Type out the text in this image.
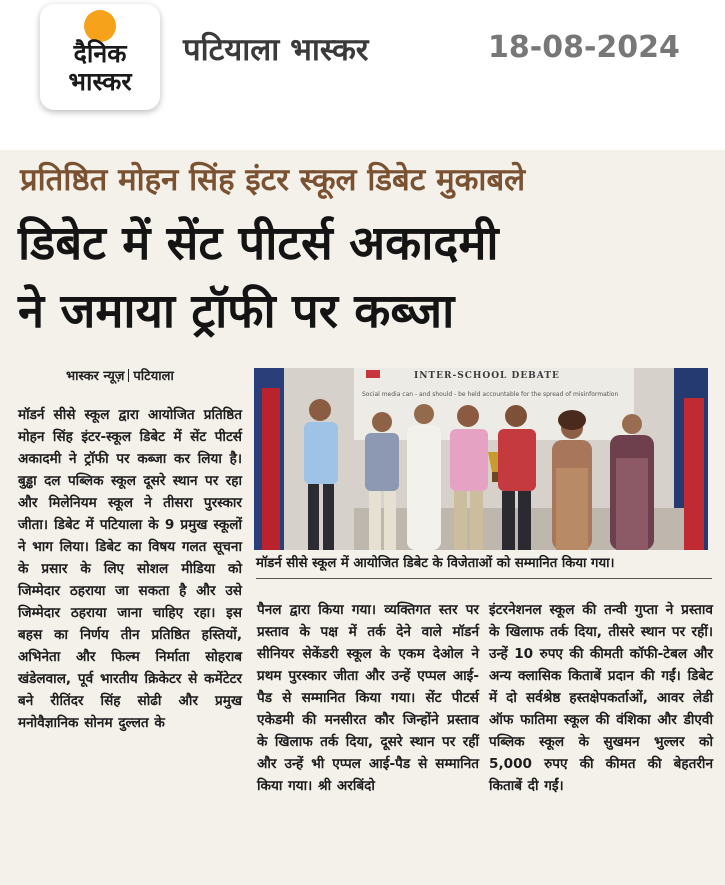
दैनिक
भास्कर
पटियाला भास्कर	18-08-2024
प्रतिष्ठित मोहन सिंह इंटर स्कूल डिबेट मुकाबले
डिबेट में सेंट पीटर्स अकादमी
ने जमाया ट्रॉफी पर कब्जा
भास्कर न्यूज़ पटियाला

मॉडर्न सीसे स्कूल द्वारा आयोजित प्रतिष्ठित मोहन सिंह इंटर-स्कूल डिबेट में सेंट पीटर्स अकादमी ने ट्रॉफी पर कब्जा कर लिया है। बुड्ढा दल पब्लिक स्कूल दूसरे स्थान पर रहा और मिलेनियम स्कूल ने तीसरा पुरस्कार जीता। डिबेट में पटियाला के 9 प्रमुख स्कूलों ने भाग लिया। डिबेट का विषय गलत सूचना के प्रसार के लिए सोशल मीडिया को जिम्मेदार ठहराया जा सकता है और उसे जिम्मेदार ठहराया जाना चाहिए रहा। इस बहस का निर्णय तीन प्रतिष्ठित हस्तियों, अभिनेता और फिल्म निर्माता सोहराब खंडेलवाल, पूर्व भारतीय क्रिकेटर से कमेंटेटर बने रीतिंदर सिंह सोढी और प्रमुख मनोवैज्ञानिक सोनम दुल्लत के

INTER-SCHOOL DEBATE
Social media can - and should - be held accountable for the spread of misinformation
मॉडर्न सीसे स्कूल में आयोजित डिबेट के विजेताओं को सम्मानित किया गया।

पैनल द्वारा किया गया। व्यक्तिगत स्तर पर प्रस्ताव के पक्ष में तर्क देने वाले मॉडर्न सीनियर सेकेंडरी स्कूल के एकम देओल ने प्रथम पुरस्कार जीता और उन्हें एप्पल आई-पैड से सम्मानित किया गया। सेंट पीटर्स एकेडमी की मनसीरत कौर जिन्होंने प्रस्ताव के खिलाफ तर्क दिया, दूसरे स्थान पर रहीं और उन्हें भी एप्पल आई-पैड से सम्मानित किया गया। श्री अरबिंदो

इंटरनेशनल स्कूल की तन्वी गुप्ता ने प्रस्ताव के खिलाफ तर्क दिया, तीसरे स्थान पर रहीं। उन्हें 10 रुपए की कीमती कॉफी-टेबल और अन्य क्लासिक किताबें प्रदान की गईं। डिबेट में दो सर्वश्रेष्ठ हस्तक्षेपकर्ताओं, आवर लेडी ऑफ फातिमा स्कूल की वंशिका और डीएवी पब्लिक स्कूल के सुखमन भुल्लर को 5,000 रुपए की कीमत की बेहतरीन किताबें दी गईं।
